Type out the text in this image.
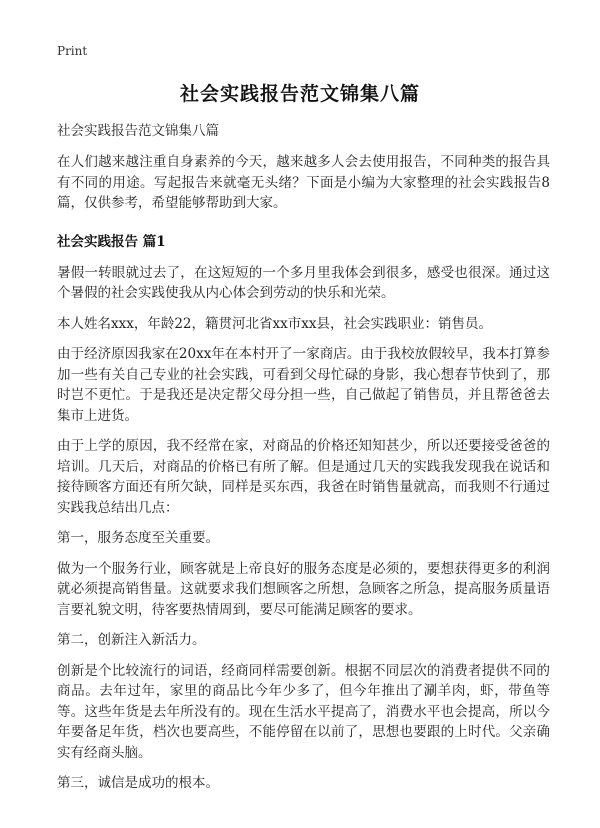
Print
社会实践报告范文锦集八篇

社会实践报告范文锦集八篇

在人们越来越注重自身素养的今天，越来越多人会去使用报告，不同种类的报告具有不同的用途。写起报告来就毫无头绪？下面是小编为大家整理的社会实践报告8篇，仅供参考，希望能够帮助到大家。

社会实践报告 篇1

暑假一转眼就过去了，在这短短的一个多月里我体会到很多，感受也很深。通过这个暑假的社会实践使我从内心体会到劳动的快乐和光荣。

本人姓名xxx，年龄22，籍贯河北省xx市xx县，社会实践职业：销售员。

由于经济原因我家在20xx年在本村开了一家商店。由于我校放假较早，我本打算参加一些有关自己专业的社会实践，可看到父母忙碌的身影，我心想春节快到了，那时岂不更忙。于是我还是决定帮父母分担一些，自己做起了销售员，并且帮爸爸去集市上进货。

由于上学的原因，我不经常在家，对商品的价格还知知甚少，所以还要接受爸爸的培训。几天后，对商品的价格已有所了解。但是通过几天的实践我发现我在说话和接待顾客方面还有所欠缺，同样是买东西，我爸在时销售量就高，而我则不行通过实践我总结出几点：

第一，服务态度至关重要。

做为一个服务行业，顾客就是上帝良好的服务态度是必须的，要想获得更多的利润就必须提高销售量。这就要求我们想顾客之所想，急顾客之所急，提高服务质量语言要礼貌文明，待客要热情周到，要尽可能满足顾客的要求。

第二，创新注入新活力。

创新是个比较流行的词语，经商同样需要创新。根据不同层次的消费者提供不同的商品。去年过年，家里的商品比今年少多了，但今年推出了涮羊肉，虾，带鱼等等。这些年货是去年所没有的。现在生活水平提高了，消费水平也会提高，所以今年要备足年货，档次也要高些，不能停留在以前了，思想也要跟的上时代。父亲确实有经商头脑。

第三，诚信是成功的根本。
